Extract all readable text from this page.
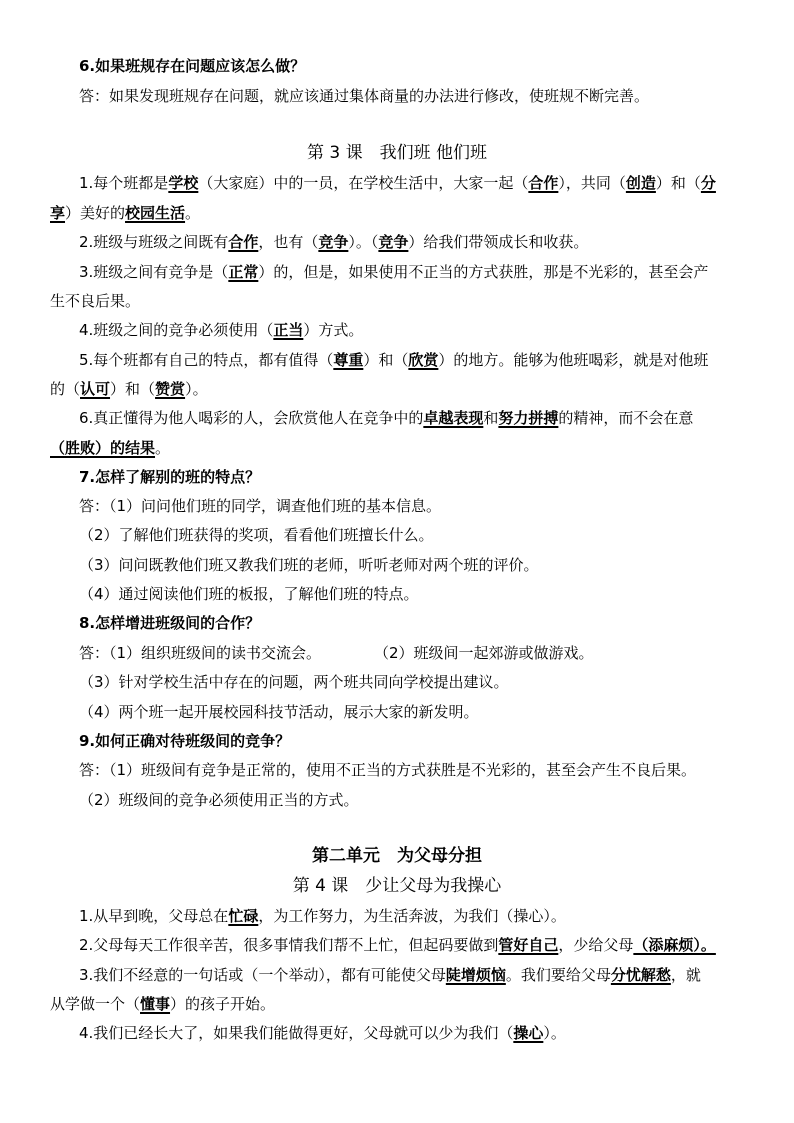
6.如果班规存在问题应该怎么做？
答：如果发现班规存在问题，就应该通过集体商量的办法进行修改，使班规不断完善。
第 3 课　我们班 他们班
1.每个班都是学校（大家庭）中的一员，在学校生活中，大家一起（合作），共同（创造）和（分
享）美好的校园生活。
2.班级与班级之间既有合作，也有（竞争）。（竞争）给我们带领成长和收获。
3.班级之间有竞争是（正常）的，但是，如果使用不正当的方式获胜，那是不光彩的，甚至会产
生不良后果。
4.班级之间的竞争必须使用（正当）方式。
5.每个班都有自己的特点，都有值得（尊重）和（欣赏）的地方。能够为他班喝彩，就是对他班
的（认可）和（赞赏）。
6.真正懂得为他人喝彩的人，会欣赏他人在竞争中的卓越表现和努力拼搏的精神，而不会在意
（胜败）的结果。
7.怎样了解别的班的特点？
答：（1）问问他们班的同学，调查他们班的基本信息。
（2）了解他们班获得的奖项，看看他们班擅长什么。
（3）问问既教他们班又教我们班的老师，听听老师对两个班的评价。
（4）通过阅读他们班的板报，了解他们班的特点。
8.怎样增进班级间的合作？
答：（1）组织班级间的读书交流会。	（2）班级间一起郊游或做游戏。
（3）针对学校生活中存在的问题，两个班共同向学校提出建议。
（4）两个班一起开展校园科技节活动，展示大家的新发明。
9.如何正确对待班级间的竞争？
答：（1）班级间有竞争是正常的，使用不正当的方式获胜是不光彩的，甚至会产生不良后果。
（2）班级间的竞争必须使用正当的方式。
第二单元　为父母分担
第 4 课　少让父母为我操心
1.从早到晚，父母总在忙碌，为工作努力，为生活奔波，为我们（操心）。
2.父母每天工作很辛苦，很多事情我们帮不上忙，但起码要做到管好自己，少给父母（添麻烦）。
3.我们不经意的一句话或（一个举动），都有可能使父母陡增烦恼。我们要给父母分忧解愁，就
从学做一个（懂事）的孩子开始。
4.我们已经长大了，如果我们能做得更好，父母就可以少为我们（操心）。
